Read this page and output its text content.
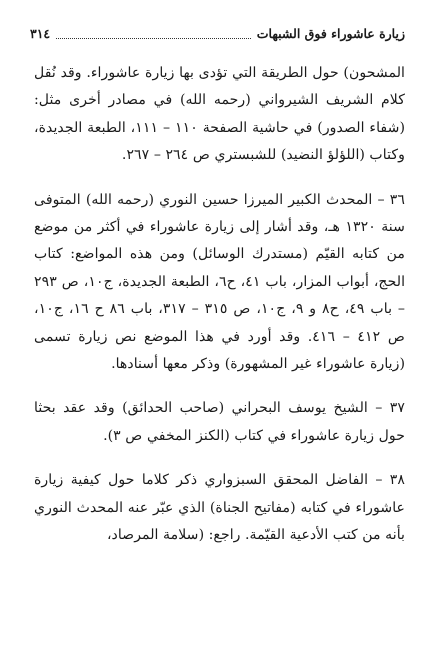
زيارة عاشوراء فوق الشبهات
٣١٤

المشحون) حول الطريقة التي تؤدى بها زيارة عاشوراء. وقد نُقل كلام الشريف الشيرواني (رحمه الله) في مصادر أخرى مثل: (شفاء الصدور) في حاشية الصفحة ١١٠ – ١١١، الطبعة الجديدة، وكتاب (اللؤلؤ النضيد) للشبستري ص ٢٦٤ – ٢٦٧.

٣٦ – المحدث الكبير الميرزا حسين النوري (رحمه الله) المتوفى سنة ١٣٢٠ هـ، وقد أشار إلى زيارة عاشوراء في أكثر من موضع من كتابه القيّم (مستدرك الوسائل) ومن هذه المواضع: كتاب الحج، أبواب المزار، باب ٤١، ح٦، الطبعة الجديدة، ج١٠، ص ٢٩٣ – باب ٤٩، ح٨ و ٩، ج١٠، ص ٣١٥ – ٣١٧، باب ٨٦ ح ١٦، ج١٠، ص ٤١٢ – ٤١٦. وقد أورد في هذا الموضع نص زيارة تسمى (زيارة عاشوراء غير المشهورة) وذكر معها أسنادها.

٣٧ – الشيخ يوسف البحراني (صاحب الحدائق) وقد عقد بحثا حول زيارة عاشوراء في كتاب (الكنز المخفي ص ٣).

٣٨ – الفاضل المحقق السبزواري ذكر كلاما حول كيفية زيارة عاشوراء في كتابه (مفاتيح الجناة) الذي عبّر عنه المحدث النوري بأنه من كتب الأدعية القيّمة. راجع: (سلامة المرصاد،
